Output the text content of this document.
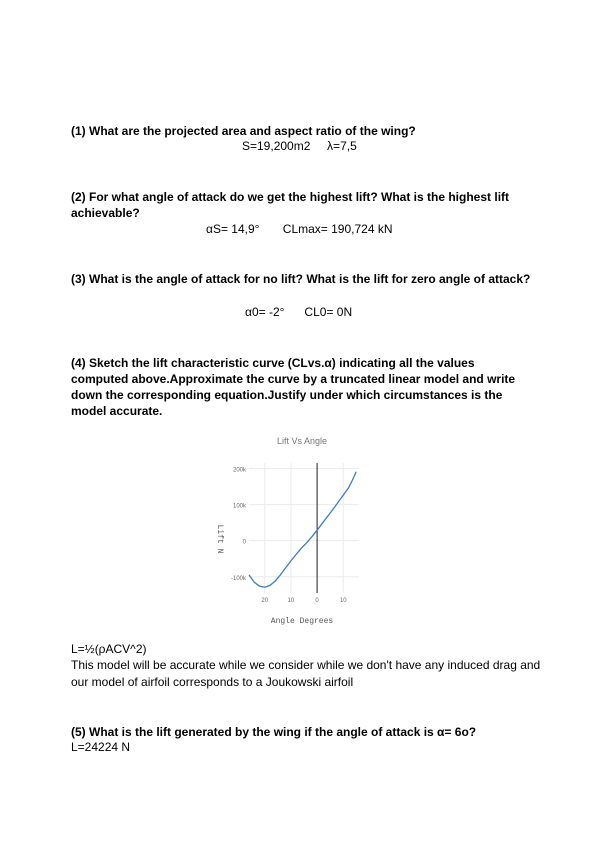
(1) What are the projected area and aspect ratio of the wing?
S=19,200m2     λ=7,5
(2) For what angle of attack do we get the highest lift? What is the highest lift achievable?
αS= 14,9°       CLmax= 190,724 kN
(3) What is the angle of attack for no lift? What is the lift for zero angle of attack?
α0= -2°      CL0= 0N
(4) Sketch the lift characteristic curve (CLvs.α) indicating all the values computed above.Approximate the curve by a truncated linear model and write down the corresponding equation.Justify under which circumstances is the model accurate.
Lift Vs Angle
200k
100k
0
-100k
20	10	0	10
Lift N
Angle Degrees
L=½(ρACV^2)
This model will be accurate while we consider while we don't have any induced drag and our model of airfoil corresponds to a Joukowski airfoil
(5) What is the lift generated by the wing if the angle of attack is α= 6o?
L=24224 N
